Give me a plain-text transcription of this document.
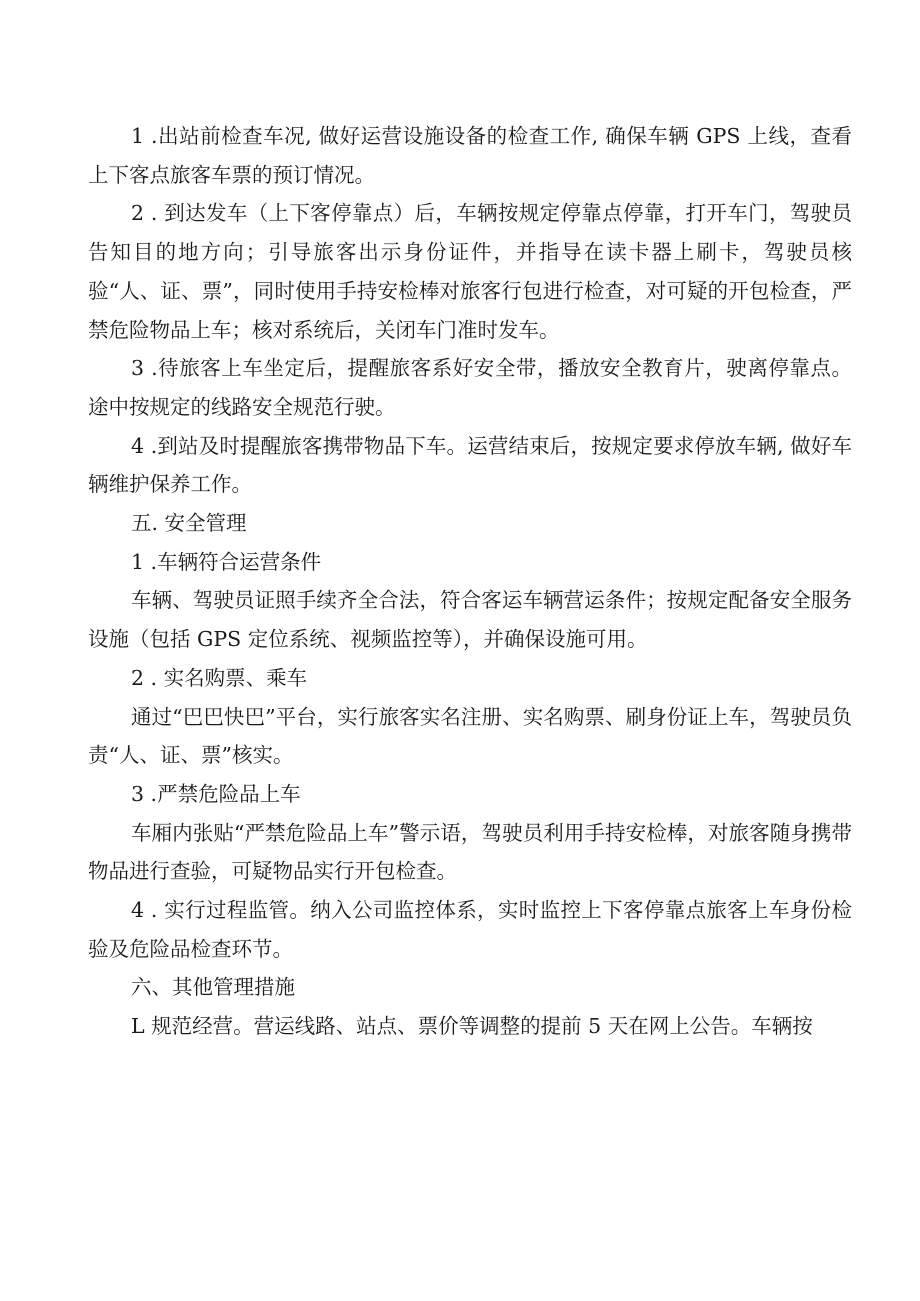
1 .出站前检查车况, 做好运营设施设备的检查工作, 确保车辆 GPS 上线，查看上下客点旅客车票的预订情况。

2 . 到达发车（上下客停靠点）后，车辆按规定停靠点停靠，打开车门，驾驶员告知目的地方向；引导旅客出示身份证件，并指导在读卡器上刷卡，驾驶员核验“人、证、票”，同时使用手持安检棒对旅客行包进行检查，对可疑的开包检查，严禁危险物品上车；核对系统后，关闭车门准时发车。

3 .待旅客上车坐定后，提醒旅客系好安全带，播放安全教育片，驶离停靠点。途中按规定的线路安全规范行驶。

4 .到站及时提醒旅客携带物品下车。运营结束后，按规定要求停放车辆, 做好车辆维护保养工作。

五. 安全管理

1 .车辆符合运营条件

车辆、驾驶员证照手续齐全合法，符合客运车辆营运条件；按规定配备安全服务设施（包括 GPS 定位系统、视频监控等），并确保设施可用。

2 . 实名购票、乘车

通过“巴巴快巴”平台，实行旅客实名注册、实名购票、刷身份证上车，驾驶员负责“人、证、票”核实。

3 .严禁危险品上车

车厢内张贴“严禁危险品上车”警示语，驾驶员利用手持安检棒，对旅客随身携带物品进行查验，可疑物品实行开包检查。

4 . 实行过程监管。纳入公司监控体系，实时监控上下客停靠点旅客上车身份检验及危险品检查环节。

六、其他管理措施

L 规范经营。营运线路、站点、票价等调整的提前 5 天在网上公告。车辆按
